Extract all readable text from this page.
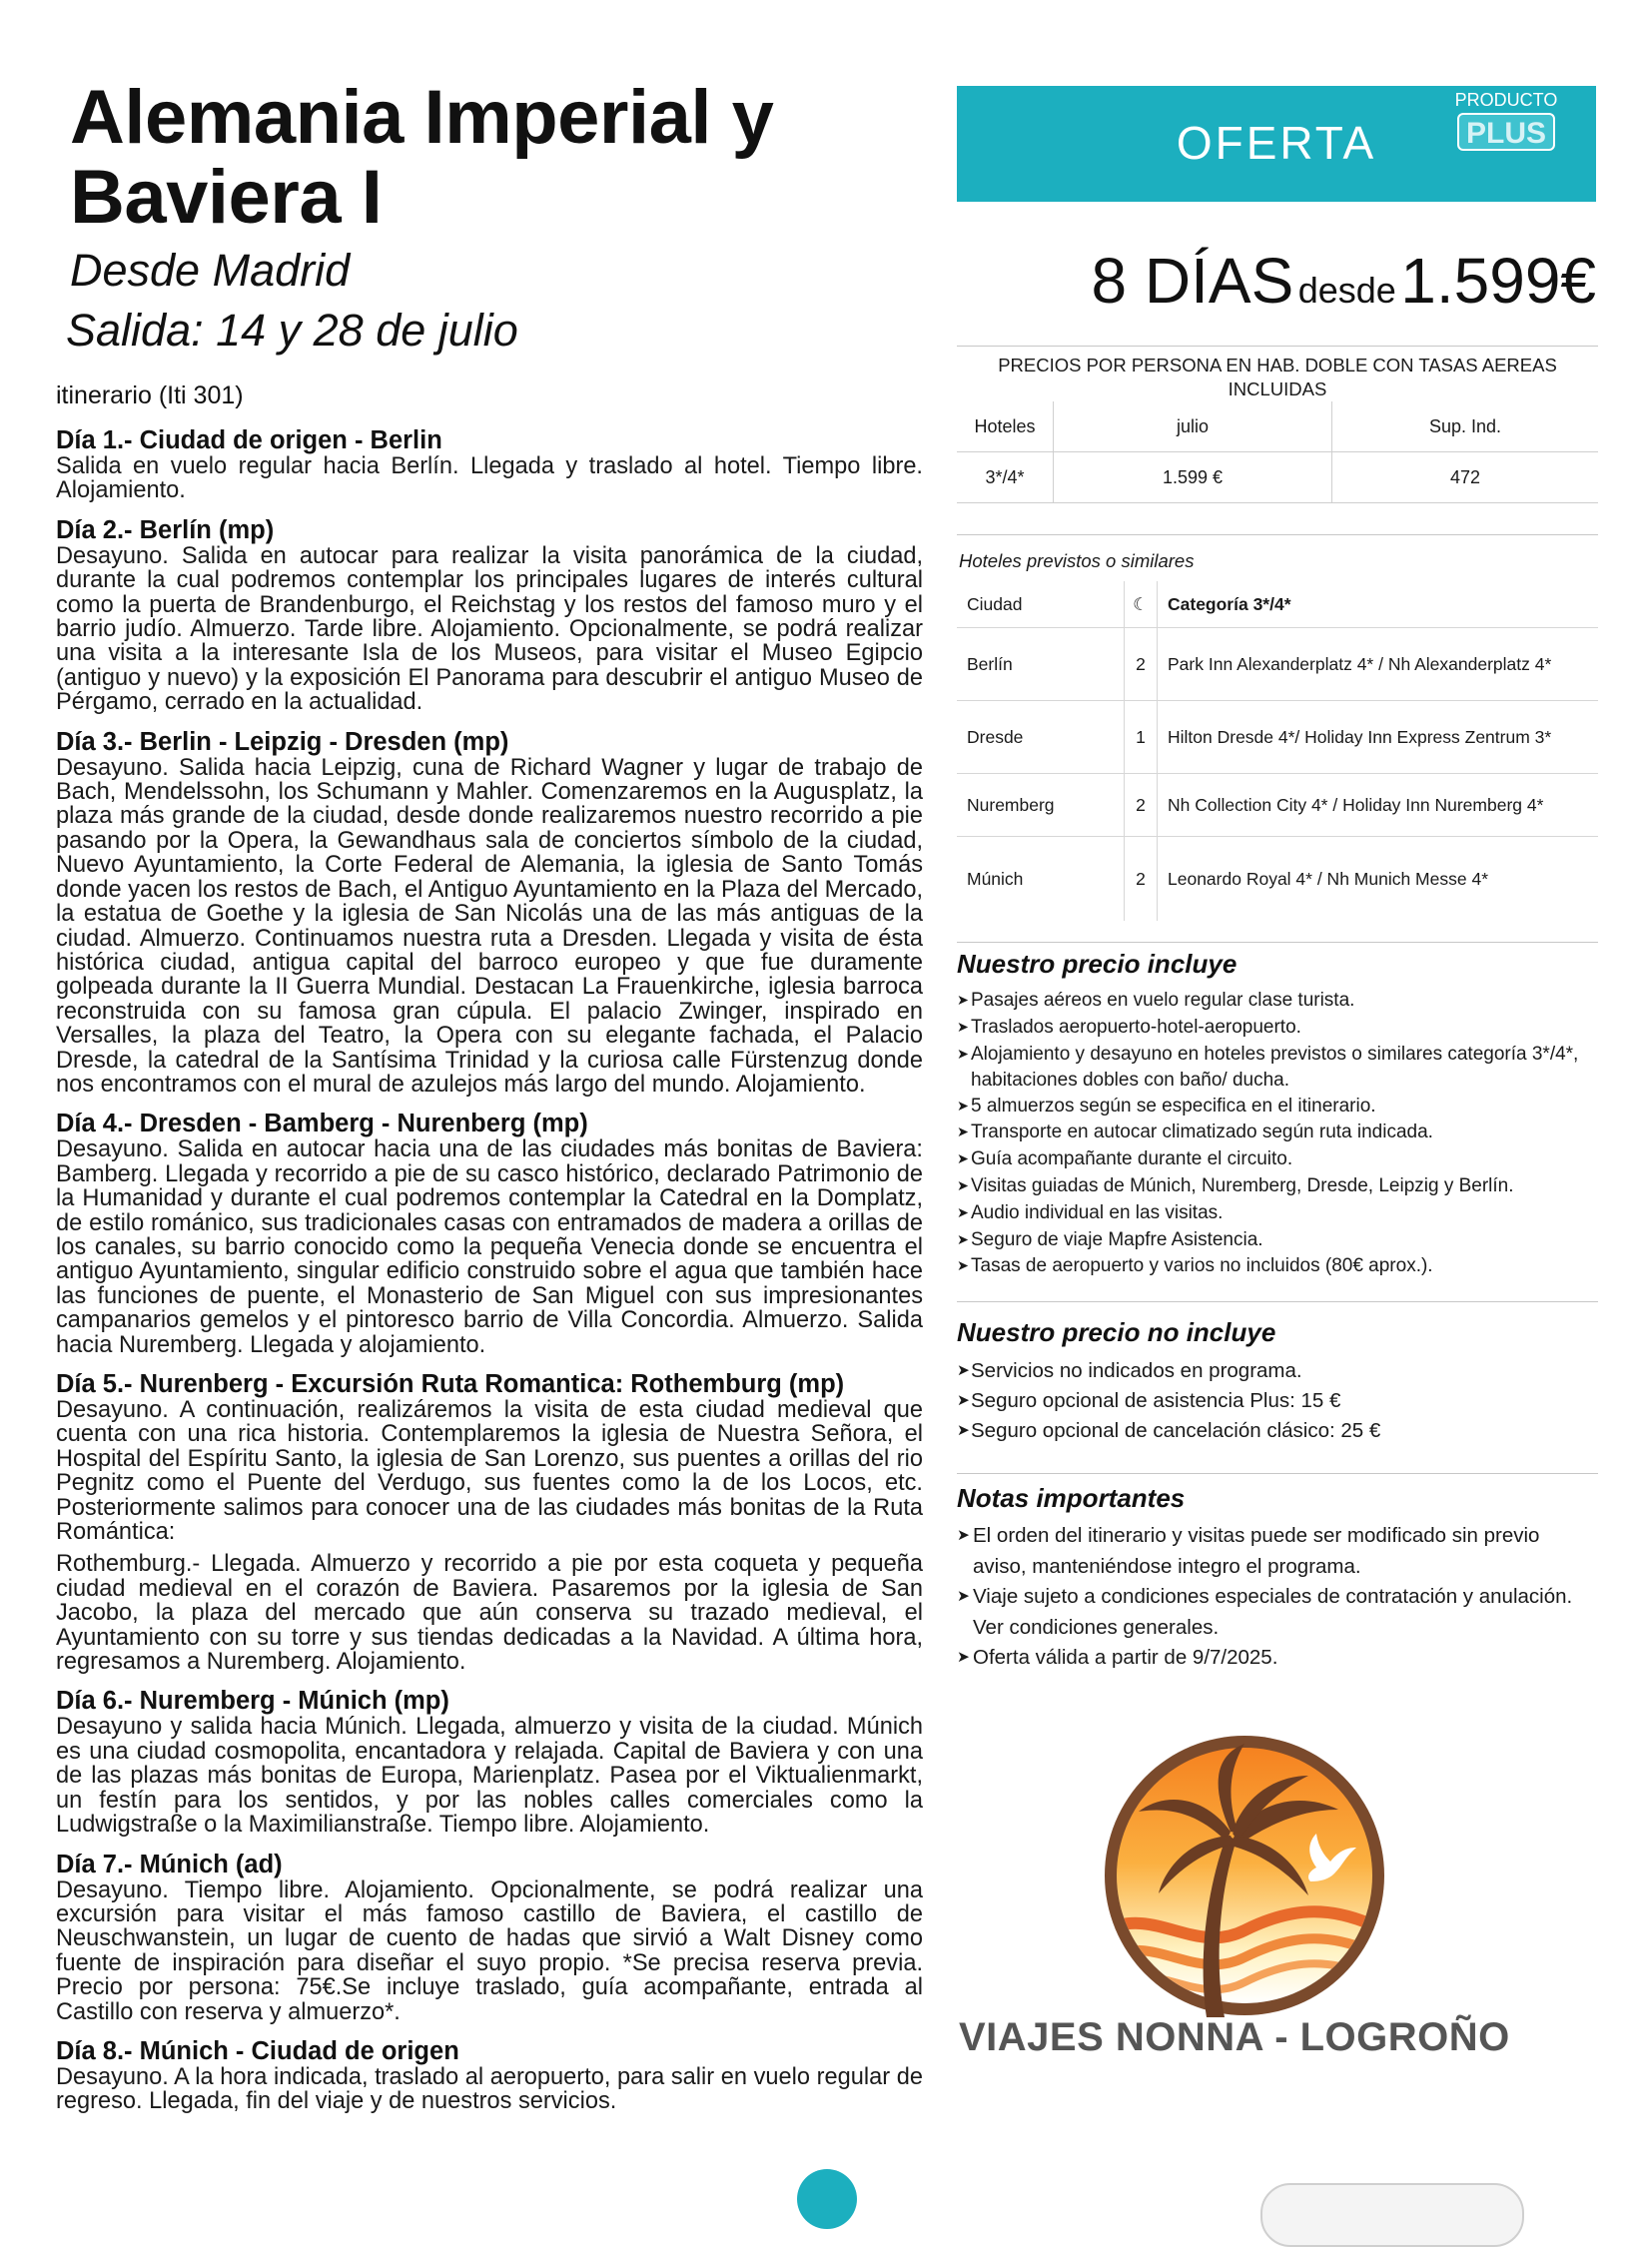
Alemania Imperial y Baviera I
Desde Madrid
Salida: 14 y 28 de julio
itinerario (Iti 301)
Día 1.- Ciudad de origen - Berlin

Salida en vuelo regular hacia Berlín. Llegada y traslado al hotel. Tiempo libre. Alojamiento.

Día 2.- Berlín (mp)

Desayuno. Salida en autocar para realizar la visita panorámica de la ciudad, durante la cual podremos contemplar los principales lugares de interés cultural como la puerta de Brandenburgo, el Reichstag y los restos del famoso muro y el barrio judío. Almuerzo. Tarde libre. Alojamiento. Opcionalmente, se podrá realizar una visita a la interesante Isla de los Museos, para visitar el Museo Egipcio (antiguo y nuevo) y la exposición El Panorama para descubrir el antiguo Museo de Pérgamo, cerrado en la actualidad.

Día 3.- Berlin - Leipzig - Dresden (mp)

Desayuno. Salida hacia Leipzig, cuna de Richard Wagner y lugar de trabajo de Bach, Mendelssohn, los Schumann y Mahler. Comenzaremos en la Augusplatz, la plaza más grande de la ciudad, desde donde realizaremos nuestro recorrido a pie pasando por la Opera, la Gewandhaus sala de conciertos símbolo de la ciudad, Nuevo Ayuntamiento, la Corte Federal de Alemania, la iglesia de Santo Tomás donde yacen los restos de Bach, el Antiguo Ayuntamiento en la Plaza del Mercado, la estatua de Goethe y la iglesia de San Nicolás una de las más antiguas de la ciudad. Almuerzo. Continuamos nuestra ruta a Dresden. Llegada y visita de ésta histórica ciudad, antigua capital del barroco europeo y que fue duramente golpeada durante la II Guerra Mundial. Destacan La Frauenkirche, iglesia barroca reconstruida con su famosa gran cúpula. El palacio Zwinger, inspirado en Versalles, la plaza del Teatro, la Opera con su elegante fachada, el Palacio Dresde, la catedral de la Santísima Trinidad y la curiosa calle Fürstenzug donde nos encontramos con el mural de azulejos más largo del mundo. Alojamiento.

Día 4.- Dresden - Bamberg - Nurenberg (mp)

Desayuno. Salida en autocar hacia una de las ciudades más bonitas de Baviera: Bamberg. Llegada y recorrido a pie de su casco histórico, declarado Patrimonio de la Humanidad y durante el cual podremos contemplar la Catedral en la Domplatz, de estilo románico, sus tradicionales casas con entramados de madera a orillas de los canales, su barrio conocido como la pequeña Venecia donde se encuentra el antiguo Ayuntamiento, singular edificio construido sobre el agua que también hace las funciones de puente, el Monasterio de San Miguel con sus impresionantes campanarios gemelos y el pintoresco barrio de Villa Concordia. Almuerzo. Salida hacia Nuremberg. Llegada y alojamiento.

Día 5.- Nurenberg - Excursión Ruta Romantica: Rothemburg (mp)

Desayuno. A continuación, realizáremos la visita de esta ciudad medieval que cuenta con una rica historia. Contemplaremos la iglesia de Nuestra Señora, el Hospital del Espíritu Santo, la iglesia de San Lorenzo, sus puentes a orillas del rio Pegnitz como el Puente del Verdugo, sus fuentes como la de los Locos, etc. Posteriormente salimos para conocer una de las ciudades más bonitas de la Ruta Romántica:

Rothemburg.- Llegada. Almuerzo y recorrido a pie por esta coqueta y pequeña ciudad medieval en el corazón de Baviera. Pasaremos por la iglesia de San Jacobo, la plaza del mercado que aún conserva su trazado medieval, el Ayuntamiento con su torre y sus tiendas dedicadas a la Navidad. A última hora, regresamos a Nuremberg. Alojamiento.

Día 6.- Nuremberg - Múnich (mp)

Desayuno y salida hacia Múnich. Llegada, almuerzo y visita de la ciudad. Múnich es una ciudad cosmopolita, encantadora y relajada. Capital de Baviera y con una de las plazas más bonitas de Europa, Marienplatz. Pasea por el Viktualienmarkt, un festín para los sentidos, y por las nobles calles comerciales como la Ludwigstraße o la Maximilianstraße. Tiempo libre. Alojamiento.

Día 7.- Múnich (ad)

Desayuno. Tiempo libre. Alojamiento. Opcionalmente, se podrá realizar una excursión para visitar el más famoso castillo de Baviera, el castillo de Neuschwanstein, un lugar de cuento de hadas que sirvió a Walt Disney como fuente de inspiración para diseñar el suyo propio. *Se precisa reserva previa. Precio por persona: 75€.Se incluye traslado, guía acompañante, entrada al Castillo con reserva y almuerzo*.

Día 8.- Múnich - Ciudad de origen

Desayuno. A la hora indicada, traslado al aeropuerto, para salir en vuelo regular de regreso. Llegada, fin del viaje y de nuestros servicios.

OFERTA
PRODUCTO
PLUS
8 DÍAS desde 1.599€
PRECIOS POR PERSONA EN HAB. DOBLE CON TASAS AEREAS INCLUIDAS
Hoteles	julio	Sup. Ind.
3*/4*	1.599 €	472
Hoteles previstos o similares
Ciudad	☾	Categoría 3*/4*
Berlín	2	Park Inn Alexanderplatz 4* / Nh Alexanderplatz 4*
Dresde	1	Hilton Dresde 4*/ Holiday Inn Express Zentrum 3*
Nuremberg	2	Nh Collection City 4* / Holiday Inn Nuremberg 4*
Múnich	2	Leonardo Royal 4* / Nh Munich Messe 4*
Nuestro precio incluye
➤ Pasajes aéreos en vuelo regular clase turista.
➤ Traslados aeropuerto-hotel-aeropuerto.
➤ Alojamiento y desayuno en hoteles previstos o similares categoría 3*/4*, habitaciones dobles con baño/ ducha.
➤ 5 almuerzos según se especifica en el itinerario.
➤ Transporte en autocar climatizado según ruta indicada.
➤ Guía acompañante durante el circuito.
➤ Visitas guiadas de Múnich, Nuremberg, Dresde, Leipzig y Berlín.
➤ Audio individual en las visitas.
➤ Seguro de viaje Mapfre Asistencia.
➤ Tasas de aeropuerto y varios no incluidos (80€ aprox.).
Nuestro precio no incluye
➤ Servicios no indicados en programa.
➤ Seguro opcional de asistencia Plus: 15 €
➤ Seguro opcional de cancelación clásico: 25 €
Notas importantes
➤ El orden del itinerario y visitas puede ser modificado sin previo aviso, manteniéndose integro el programa.
➤ Viaje sujeto a condiciones especiales de contratación y anulación. Ver condiciones generales.
➤ Oferta válida a partir de 9/7/2025.
VIAJES NONNA - LOGROÑO
